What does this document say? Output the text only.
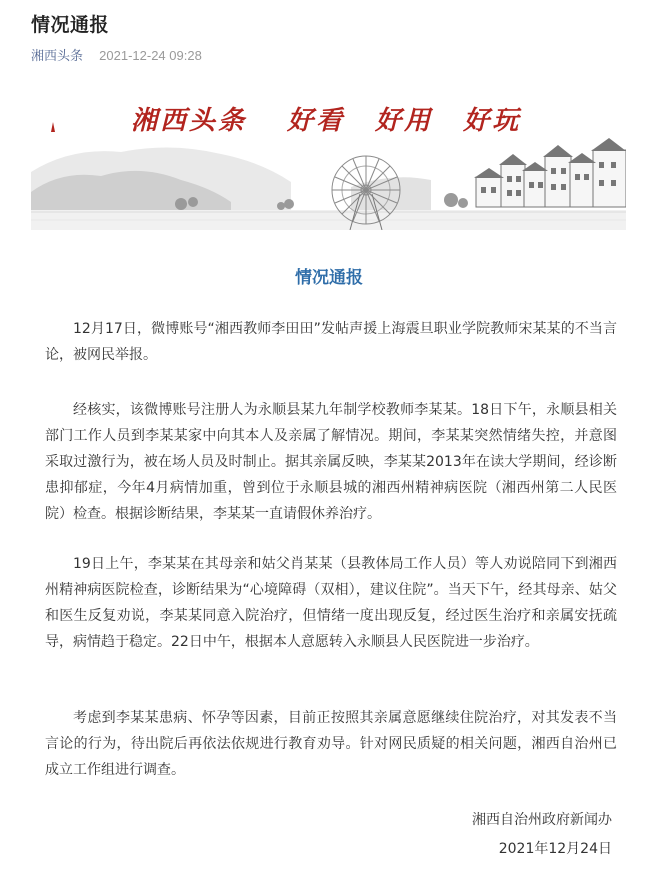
情况通报
湘西头条 2021-12-24 09:28
湘西头条 好看 好用 好玩
情况通报

12月17日，微博账号“湘西教师李田田”发帖声援上海震旦职业学院教师宋某某的不当言论，被网民举报。

经核实，该微博账号注册人为永顺县某九年制学校教师李某某。18日下午，永顺县相关部门工作人员到李某某家中向其本人及亲属了解情况。期间，李某某突然情绪失控，并意图采取过激行为，被在场人员及时制止。据其亲属反映，李某某2013年在读大学期间，经诊断患抑郁症，今年4月病情加重，曾到位于永顺县城的湘西州精神病医院（湘西州第二人民医院）检查。根据诊断结果，李某某一直请假休养治疗。

19日上午，李某某在其母亲和姑父肖某某（县教体局工作人员）等人劝说陪同下到湘西州精神病医院检查，诊断结果为“心境障碍（双相），建议住院”。当天下午，经其母亲、姑父和医生反复劝说，李某某同意入院治疗，但情绪一度出现反复，经过医生治疗和亲属安抚疏导，病情趋于稳定。22日中午，根据本人意愿转入永顺县人民医院进一步治疗。

考虑到李某某患病、怀孕等因素，目前正按照其亲属意愿继续住院治疗，对其发表不当言论的行为，待出院后再依法依规进行教育劝导。针对网民质疑的相关问题，湘西自治州已成立工作组进行调查。

湘西自治州政府新闻办
2021年12月24日
